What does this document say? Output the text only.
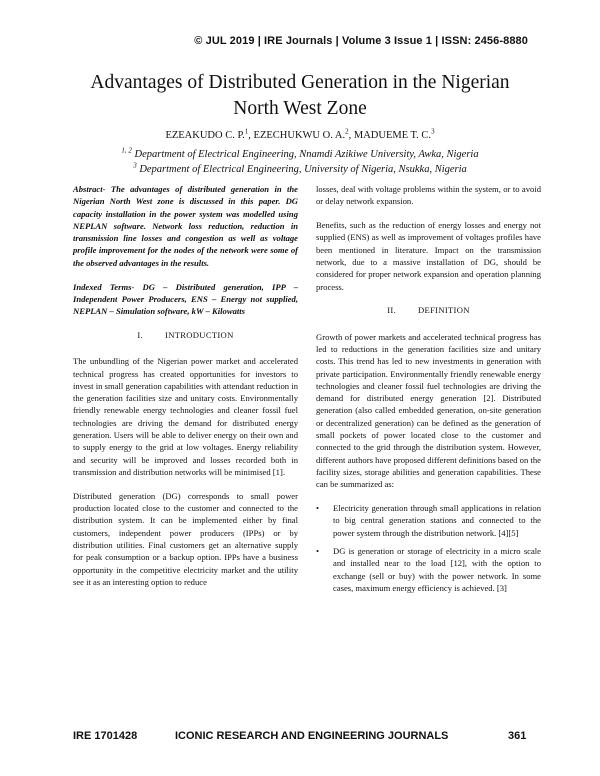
© JUL 2019 | IRE Journals | Volume 3 Issue 1 | ISSN: 2456-8880
Advantages of Distributed Generation in the Nigerian
North West Zone
EZEAKUDO C. P.$^1$, EZECHUKWU O. A.$^2$, MADUEME T. C.$^3$
$^{1, 2}$ Department of Electrical Engineering, Nnamdi Azikiwe University, Awka, Nigeria
$^3$ Department of Electrical Engineering, University of Nigeria, Nsukka, Nigeria

Abstract- The advantages of distributed generation in the Nigerian North West zone is discussed in this paper. DG capacity installation in the power system was modelled using NEPLAN software. Network loss reduction, reduction in transmission line losses and congestion as well as voltage profile improvement for the nodes of the network were some of the observed advantages in the results.

Indexed Terms- DG – Distributed generation, IPP – Independent Power Producers, ENS – Energy not supplied, NEPLAN – Simulation software, kW – Kilowatts

I.	INTRODUCTION

The unbundling of the Nigerian power market and accelerated technical progress has created opportunities for investors to invest in small generation capabilities with attendant reduction in the generation facilities size and unitary costs. Environmentally friendly renewable energy technologies and cleaner fossil fuel technologies are driving the demand for distributed energy generation. Users will be able to deliver energy on their own and to supply energy to the grid at low voltages. Energy reliability and security will be improved and losses recorded both in transmission and distribution networks will be minimised [1].

Distributed generation (DG) corresponds to small power production located close to the customer and connected to the distribution system. It can be implemented either by final customers, independent power producers (IPPs) or by distribution utilities. Final customers get an alternative supply for peak consumption or a backup option. IPPs have a business opportunity in the competitive electricity market and the utility see it as an interesting option to reduce

losses, deal with voltage problems within the system, or to avoid or delay network expansion.

Benefits, such as the reduction of energy losses and energy not supplied (ENS) as well as improvement of voltages profiles have been mentioned in literature. Impact on the transmission network, due to a massive installation of DG, should be considered for proper network expansion and operation planning process.

II.	DEFINITION

Growth of power markets and accelerated technical progress has led to reductions in the generation facilities size and unitary costs. This trend has led to new investments in generation with private participation. Environmentally friendly renewable energy technologies and cleaner fossil fuel technologies are driving the demand for distributed energy generation [2]. Distributed generation (also called embedded generation, on-site generation or decentralized generation) can be defined as the generation of small pockets of power located close to the customer and connected to the grid through the distribution system. However, different authors have proposed different definitions based on the facility sizes, storage abilities and generation capabilities. These can be summarized as:

• Electricity generation through small applications in relation to big central generation stations and connected to the power system through the distribution network. [4][5]
• DG is generation or storage of electricity in a micro scale and installed near to the load [12], with the option to exchange (sell or buy) with the power network. In some cases, maximum energy efficiency is achieved. [3]
IRE 1701428	ICONIC RESEARCH AND ENGINEERING JOURNALS	361
